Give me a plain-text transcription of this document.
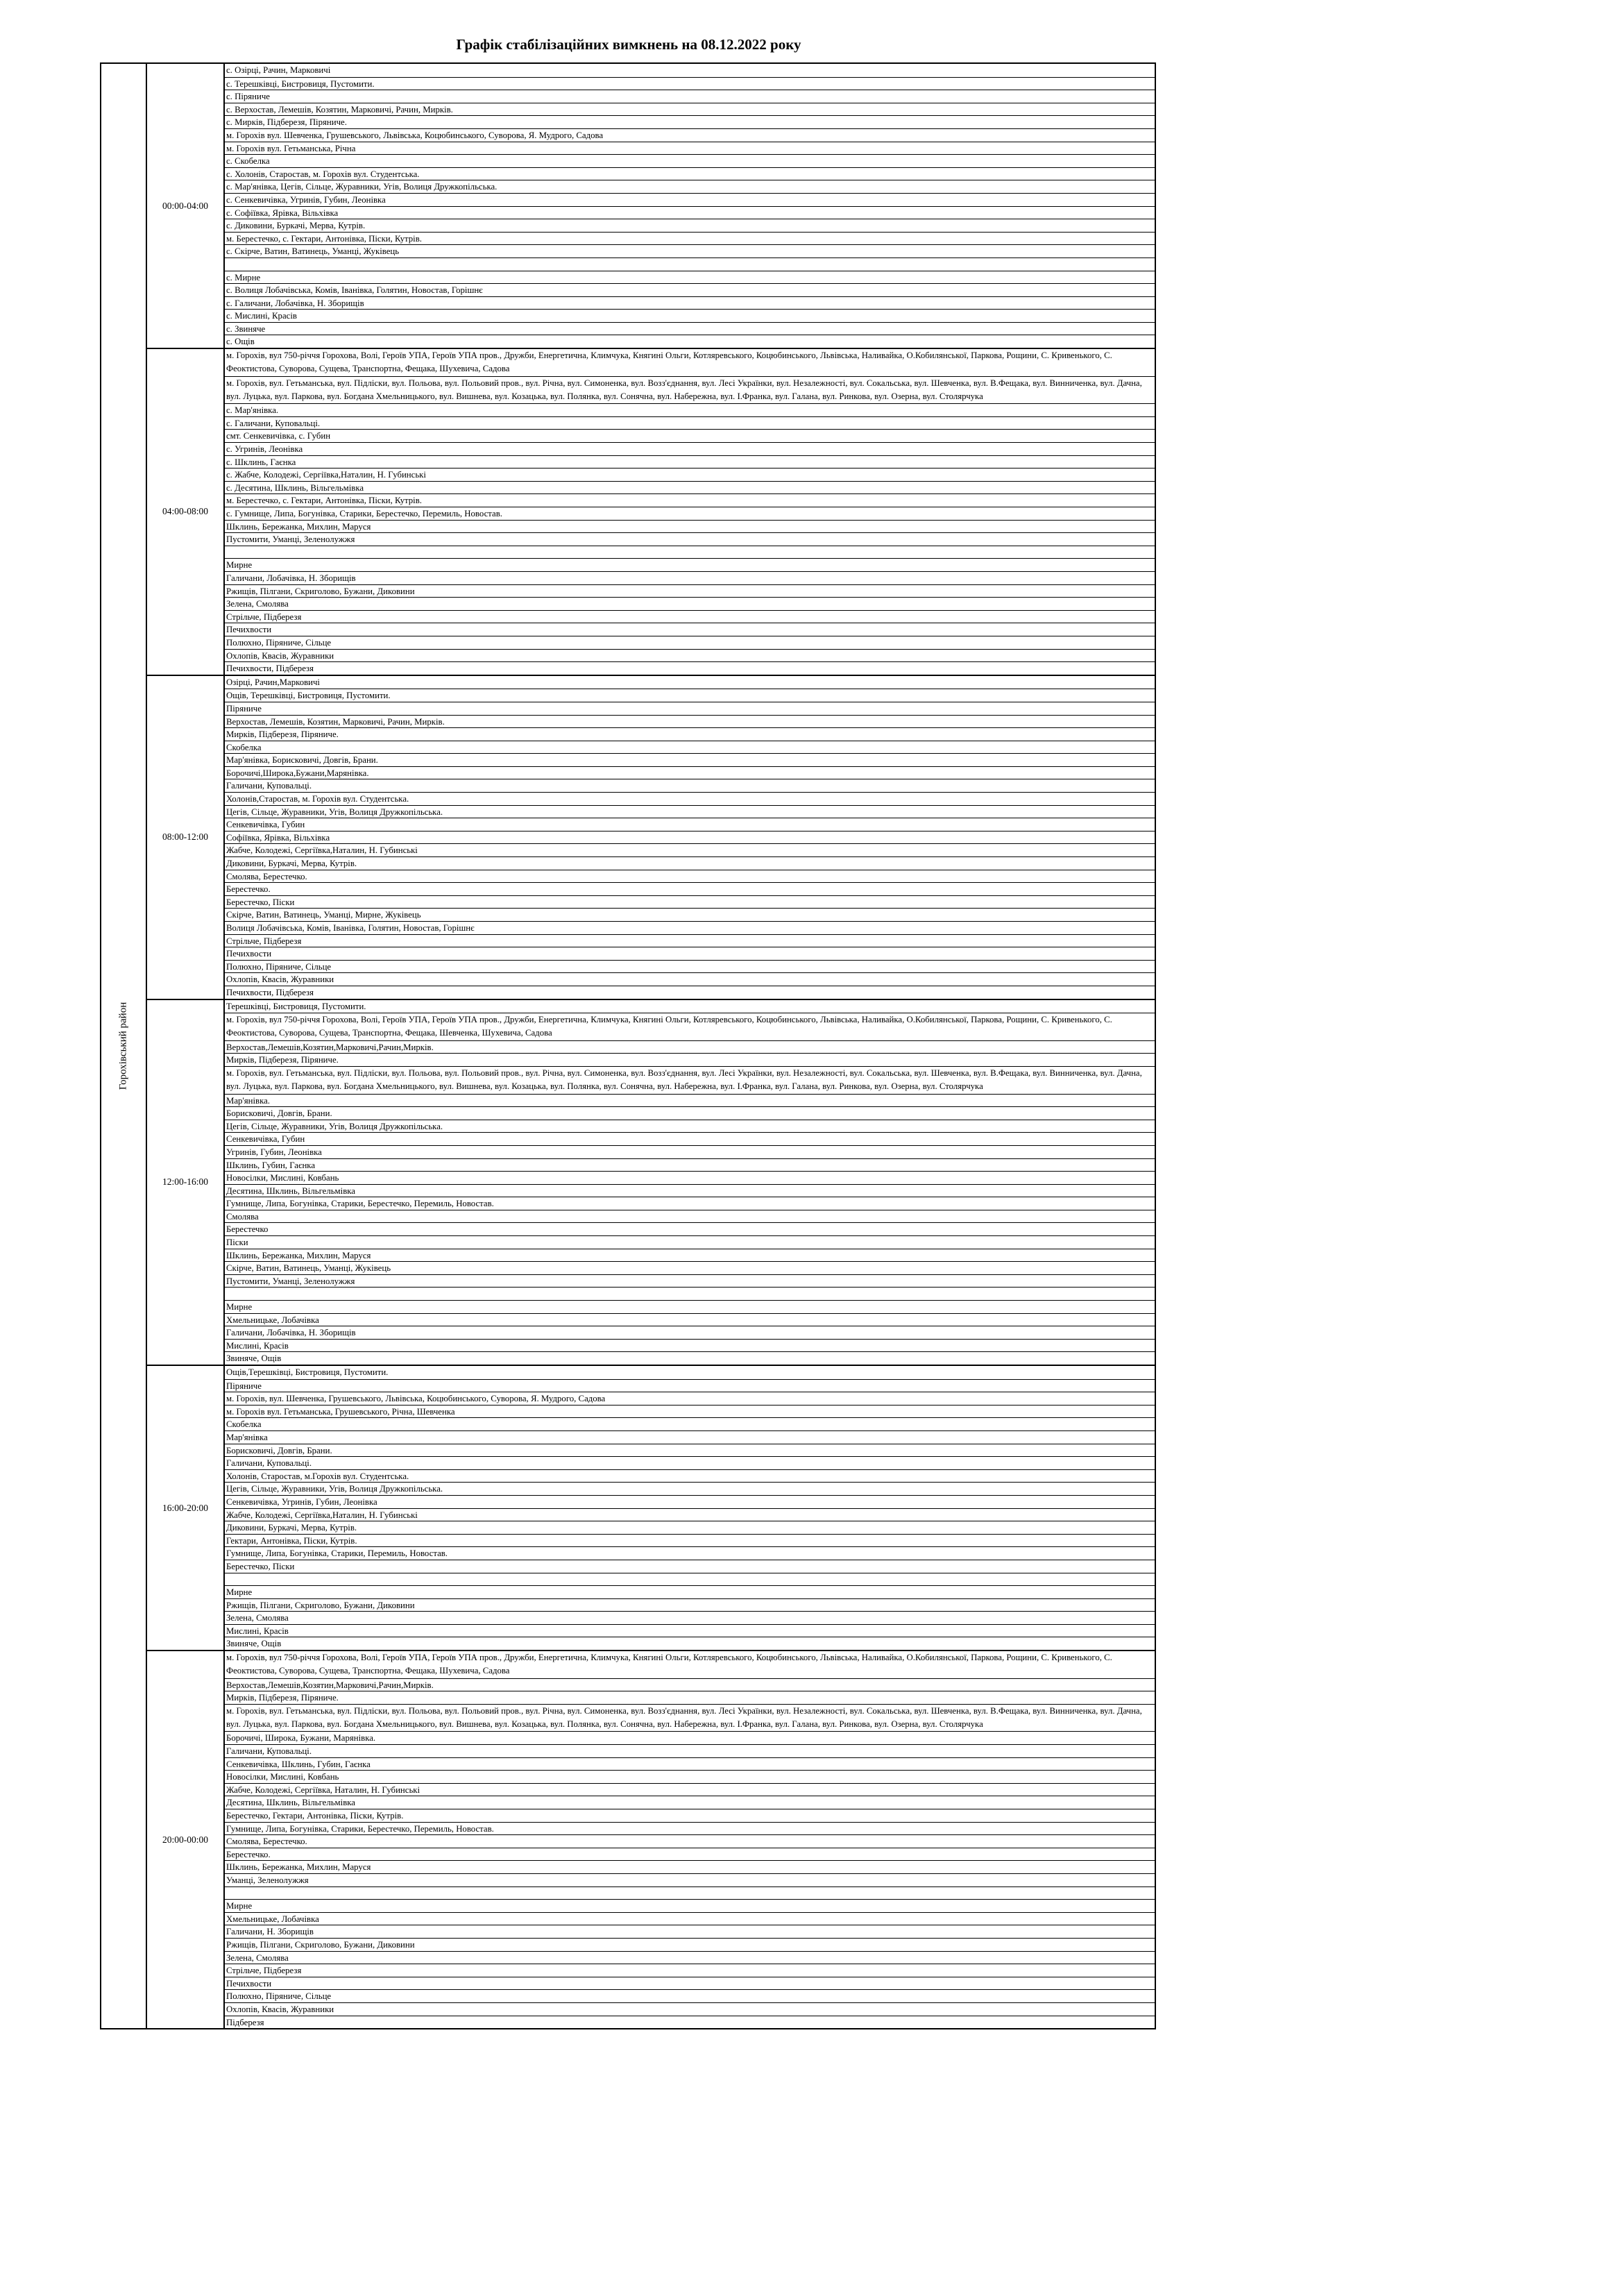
Графік стабілізаційних вимкнень на 08.12.2022 року
Горохівський район
00:00-04:00
с. Озірці, Рачин, Марковичі
с. Терешківці, Бистровиця, Пустомити.
с. Піряниче
с. Верхостав, Лемешів, Козятин, Марковичі, Рачин, Мирків.
с. Мирків, Підберезя, Піряниче.
м. Горохів вул. Шевченка, Грушевського, Львівська, Коцюбинського, Суворова, Я. Мудрого, Садова
м. Горохів вул. Гетьманська, Річна
с. Скобелка
с. Холонів, Старостав, м. Горохів вул. Студентська.
с. Мар'янівка, Цегів, Сільце, Журавники, Угів, Волиця Дружкопільська.
с. Сенкевичівка, Угринів, Губин, Леонівка
с. Софіївка, Ярівка, Вільхівка
с. Диковини, Буркачі, Мерва, Кутрів.
м. Берестечко, с. Гектари, Антонівка, Піски, Кутрів.
с. Скірче, Ватин, Ватинець, Уманці, Жуківець
с. Мирне
с. Волиця Лобачівська, Комів, Іванівка, Голятин, Новостав, Горішнє
с. Галичани, Лобачівка, Н. Зборищів
с. Мислині, Красів
с. Звиняче
с. Ощів
04:00-08:00
м. Горохів, вул 750-річчя Горохова, Волі, Героїв УПА, Героїв УПА пров., Дружби, Енергетична, Климчука, Княгині Ольги, Котляревського, Коцюбинського, Львівська, Наливайка, О.Кобилянської, Паркова, Рощини, С. Кривенького, С. Феоктистова, Суворова, Сущева, Транспортна, Фещака, Шухевича, Садова
м. Горохів, вул. Гетьманська, вул. Підліски, вул. Польова, вул. Польовий пров., вул. Річна, вул. Симоненка, вул. Возз'єднання, вул. Лесі Українки, вул. Незалежності, вул. Сокальська, вул. Шевченка, вул. В.Фещака, вул. Винниченка, вул. Дачна, вул. Луцька, вул. Паркова, вул. Богдана Хмельницького, вул. Вишнева, вул. Козацька, вул. Полянка, вул. Сонячна, вул. Набережна, вул. І.Франка, вул. Галана, вул. Ринкова, вул. Озерна, вул. Столярчука
с. Мар'янівка.
с. Галичани, Куповальці.
смт. Сенкевичівка, с. Губин
с. Угринів, Леонівка
с. Шклинь, Гаєнка
с. Жабче, Колодежі, Сергіївка,Наталин, Н. Губинські
с. Десятина, Шклинь, Вільгельмівка
м. Берестечко, с. Гектари, Антонівка, Піски, Кутрів.
с. Гумнище, Липа, Богунівка, Старики, Берестечко, Перемиль, Новостав.
Шклинь, Бережанка, Михлин, Маруся
Пустомити, Уманці, Зеленолужжя
Мирне
Галичани, Лобачівка, Н. Зборищів
Ржищів, Пілгани, Скриголово, Бужани, Диковини
Зелена, Смолява
Стрільче, Підберезя
Печихвости
Полюхно, Піряниче, Сільце
Охлопів, Квасів, Журавники
Печихвости, Підберезя
08:00-12:00
Озірці, Рачин,Марковичі
Ощів, Терешківці, Бистровиця, Пустомити.
Піряниче
Верхостав, Лемешів, Козятин, Марковичі, Рачин, Мирків.
Мирків, Підберезя, Піряниче.
Скобелка
Мар'янівка, Борисковичі, Довгів, Брани.
Борочичі,Широка,Бужани,Марянівка.
Галичани, Куповальці.
Холонів,Старостав, м. Горохів вул. Студентська.
Цегів, Сільце, Журавники, Угів, Волиця Дружкопільська.
Сенкевичівка, Губин
Софіївка, Ярівка, Вільхівка
Жабче, Колодежі, Сергіївка,Наталин, Н. Губинські
Диковини, Буркачі, Мерва, Кутрів.
Смолява, Берестечко.
Берестечко.
Берестечко, Піски
Скірче, Ватин, Ватинець, Уманці, Мирне, Жуківець
Волиця Лобачівська, Комів, Іванівка, Голятин, Новостав, Горішнє
Стрільче, Підберезя
Печихвости
Полюхно, Піряниче, Сільце
Охлопів, Квасів, Журавники
Печихвости, Підберезя
12:00-16:00
Терешківці, Бистровиця, Пустомити.
м. Горохів, вул 750-річчя Горохова, Волі, Героїв УПА, Героїв УПА пров., Дружби, Енергетична, Климчука, Княгині Ольги, Котляревського, Коцюбинського, Львівська, Наливайка, О.Кобилянської, Паркова, Рощини, С. Кривенького, С. Феоктистова, Суворова, Сущева, Транспортна, Фещака, Шевченка, Шухевича, Садова
Верхостав,Лемешів,Козятин,Марковичі,Рачин,Мирків.
Мирків, Підберезя, Піряниче.
м. Горохів, вул. Гетьманська, вул. Підліски, вул. Польова, вул. Польовий пров., вул. Річна, вул. Симоненка, вул. Возз'єднання, вул. Лесі Українки, вул. Незалежності, вул. Сокальська, вул. Шевченка, вул. В.Фещака, вул. Винниченка, вул. Дачна, вул. Луцька, вул. Паркова, вул. Богдана Хмельницького, вул. Вишнева, вул. Козацька, вул. Полянка, вул. Сонячна, вул. Набережна, вул. І.Франка, вул. Галана, вул. Ринкова, вул. Озерна, вул. Столярчука
Мар'янівка.
Борисковичі, Довгів, Брани.
Цегів, Сільце, Журавники, Угів, Волиця Дружкопільська.
Сенкевичівка, Губин
Угринів, Губин, Леонівка
Шклинь, Губин, Гаєнка
Новосілки, Мислині, Ковбань
Десятина, Шклинь, Вільгельмівка
Гумнище, Липа, Богунівка, Старики, Берестечко, Перемиль, Новостав.
Смолява
Берестечко
Піски
Шклинь, Бережанка, Михлин, Маруся
Скірче, Ватин, Ватинець, Уманці, Жуківець
Пустомити, Уманці, Зеленолужжя
Мирне
Хмельницьке, Лобачівка
Галичани, Лобачівка, Н. Зборищів
Мислині, Красів
Звиняче, Ощів
16:00-20:00
Ощів,Терешківці, Бистровиця, Пустомити.
Піряниче
м. Горохів, вул. Шевченка, Грушевського, Львівська, Коцюбинського, Суворова, Я. Мудрого, Садова
м. Горохів вул. Гетьманська, Грушевського, Річна, Шевченка
Скобелка
Мар'янівка
Борисковичі, Довгів, Брани.
Галичани, Куповальці.
Холонів, Старостав, м.Горохів вул. Студентська.
Цегів, Сільце, Журавники, Угів, Волиця Дружкопільська.
Сенкевичівка, Угринів, Губин, Леонівка
Жабче, Колодежі, Сергіївка,Наталин, Н. Губинські
Диковини, Буркачі, Мерва, Кутрів.
Гектари, Антонівка, Піски, Кутрів.
Гумнище, Липа, Богунівка, Старики, Перемиль, Новостав.
Берестечко, Піски
Мирне
Ржищів, Пілгани, Скриголово, Бужани, Диковини
Зелена, Смолява
Мислині, Красів
Звиняче, Ощів
20:00-00:00
м. Горохів, вул 750-річчя Горохова, Волі, Героїв УПА, Героїв УПА пров., Дружби, Енергетична, Климчука, Княгині Ольги, Котляревського, Коцюбинського, Львівська, Наливайка, О.Кобилянської, Паркова, Рощини, С. Кривенького, С. Феоктистова, Суворова, Сущева, Транспортна, Фещака, Шухевича, Садова
Верхостав,Лемешів,Козятин,Марковичі,Рачин,Мирків.
Мирків, Підберезя, Піряниче.
м. Горохів, вул. Гетьманська, вул. Підліски, вул. Польова, вул. Польовий пров., вул. Річна, вул. Симоненка, вул. Возз'єднання, вул. Лесі Українки, вул. Незалежності, вул. Сокальська, вул. Шевченка, вул. В.Фещака, вул. Винниченка, вул. Дачна, вул. Луцька, вул. Паркова, вул. Богдана Хмельницького, вул. Вишнева, вул. Козацька, вул. Полянка, вул. Сонячна, вул. Набережна, вул. І.Франка, вул. Галана, вул. Ринкова, вул. Озерна, вул. Столярчука
Борочичі, Широка, Бужани, Марянівка.
Галичани, Куповальці.
Сенкевичівка, Шклинь, Губин, Гаєнка
Новосілки, Мислині, Ковбань
Жабче, Колодежі, Сергіївка, Наталин, Н. Губинські
Десятина, Шклинь, Вільгельмівка
Берестечко, Гектари, Антонівка, Піски, Кутрів.
Гумнище, Липа, Богунівка, Старики, Берестечко, Перемиль, Новостав.
Смолява, Берестечко.
Берестечко.
Шклинь, Бережанка, Михлин, Маруся
Уманці, Зеленолужжя
Мирне
Хмельницьке, Лобачівка
Галичани, Н. Зборищів
Ржищів, Пілгани, Скриголово, Бужани, Диковини
Зелена, Смолява
Стрільче, Підберезя
Печихвости
Полюхно, Піряниче, Сільце
Охлопів, Квасів, Журавники
Підберезя
